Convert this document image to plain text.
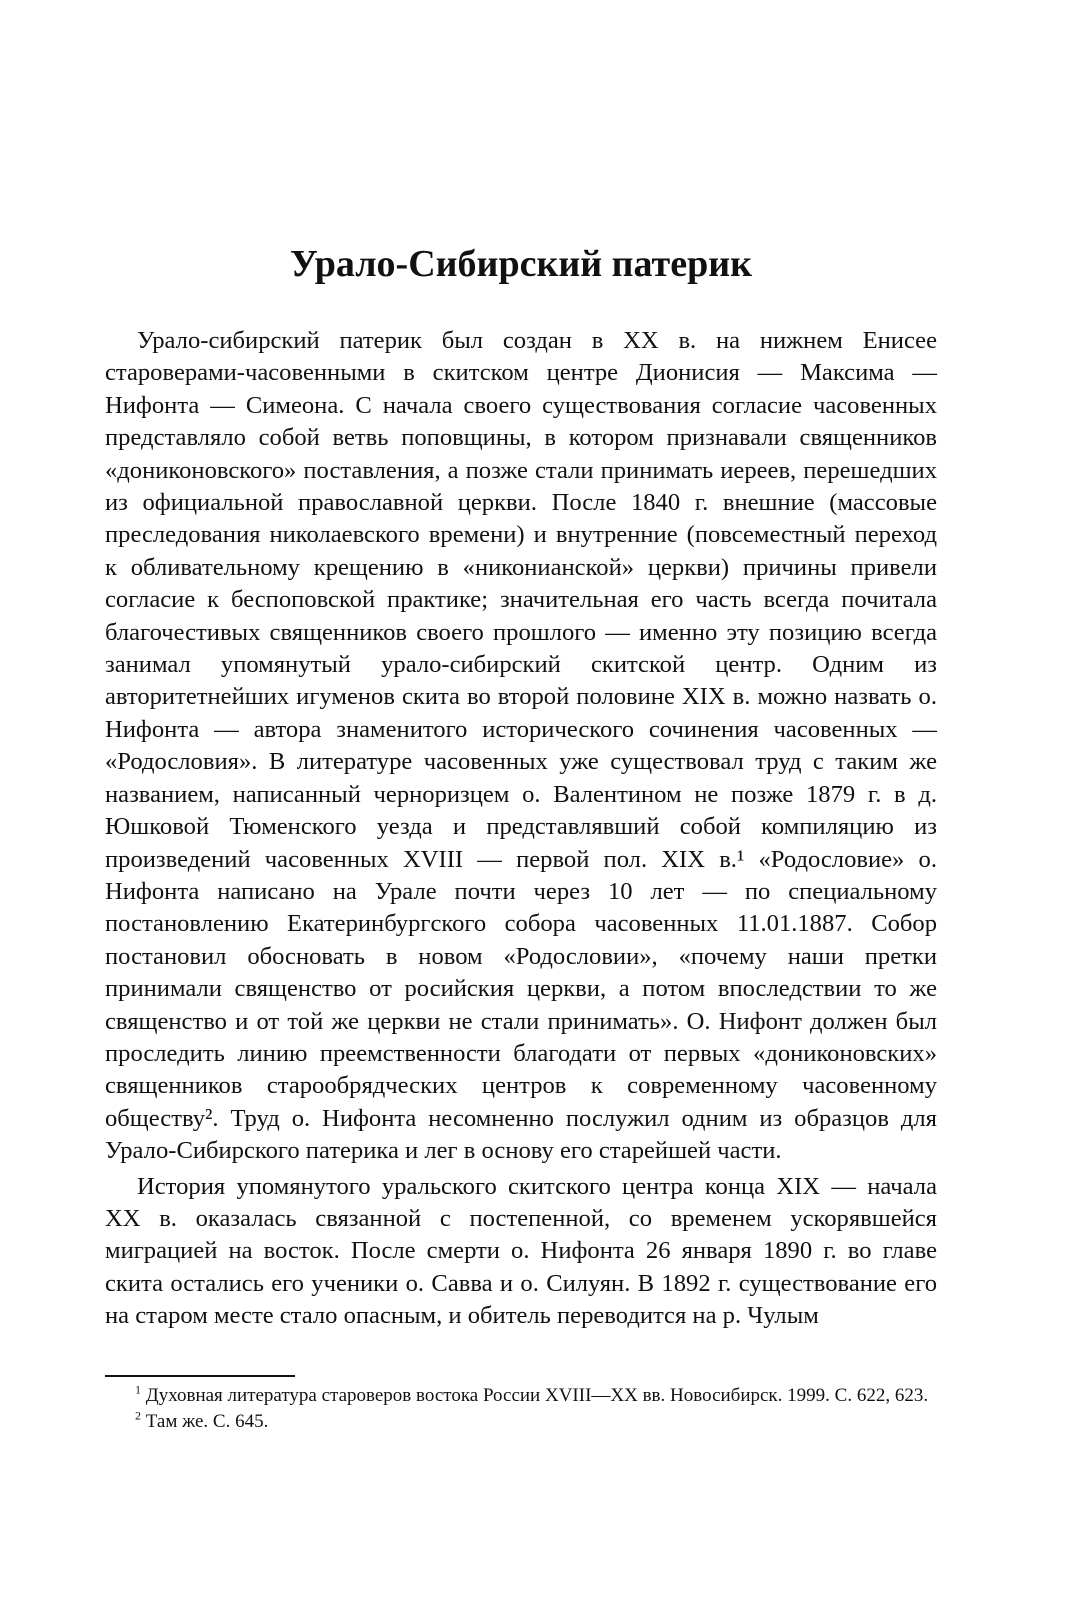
Урало-Сибирский патерик

Урало-сибирский патерик был создан в XX в. на нижнем Енисее староверами-часовенными в скитском центре Дионисия — Максима — Нифонта — Симеона. С начала своего существования согласие часовенных представляло собой ветвь поповщины, в котором признавали священников «дониконовского» поставления, а позже стали принимать иереев, перешедших из официальной православной церкви. После 1840 г. внешние (массовые преследования николаевского времени) и внутренние (повсеместный переход к обливательному крещению в «никонианской» церкви) причины привели согласие к беспоповской практике; значительная его часть всегда почитала благочестивых священников своего прошлого — именно эту позицию всегда занимал упомянутый урало-сибирский скитской центр. Одним из авторитетнейших игуменов скита во второй половине XIX в. можно назвать о. Нифонта — автора знаменитого исторического сочинения часовенных — «Родословия». В литературе часовенных уже существовал труд с таким же названием, написанный черноризцем о. Валентином не позже 1879 г. в д. Юшковой Тюменского уезда и представлявший собой компиляцию из произведений часовенных XVIII — первой пол. XIX в.¹ «Родословие» о. Нифонта написано на Урале почти через 10 лет — по специальному постановлению Екатеринбургского собора часовенных 11.01.1887. Собор постановил обосновать в новом «Родословии», «почему наши претки принимали священство от росийския церкви, а потом впоследствии то же священство и от той же церкви не стали принимать». О. Нифонт должен был проследить линию преемственности благодати от первых «дониконовских» священников старообрядческих центров к современному часовенному обществу². Труд о. Нифонта несомненно послужил одним из образцов для Урало-Сибирского патерика и лег в основу его старейшей части.

История упомянутого уральского скитского центра конца XIX — начала XX в. оказалась связанной с постепенной, со временем ускорявшейся миграцией на восток. После смерти о. Нифонта 26 января 1890 г. во главе скита остались его ученики о. Савва и о. Силуян. В 1892 г. существование его на старом месте стало опасным, и обитель переводится на р. Чулым

$^1$ Духовная литература староверов востока России XVIII—XX вв. Новосибирск. 1999. С. 622, 623.

$^2$ Там же. С. 645.
